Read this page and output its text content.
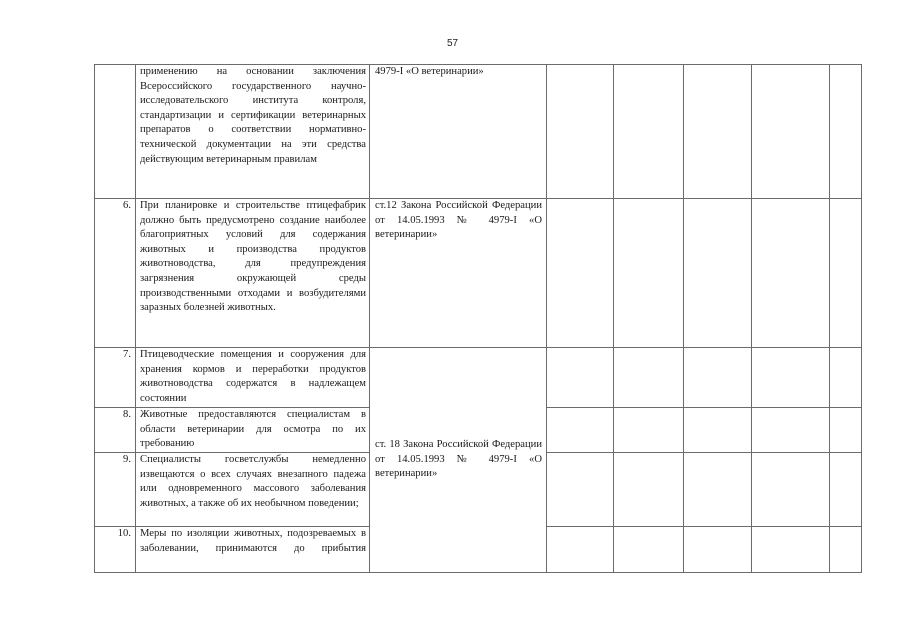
57

	применению на основании заключения Всероссийского государственного научно-исследовательского института контроля, стандартизации и сертификации ветеринарных препаратов о соответствии нормативно-технической документации на эти средства действующим ветеринарным правилам	4979-I «О ветеринарии»						
6.	При планировке и строительстве птицефабрик должно быть предусмотрено создание наиболее благоприятных условий для содержания животных и производства продуктов животноводства, для предупреждения загрязнения окружающей среды производственными отходами и возбудителями заразных болезней животных.	ст.12 Закона Российской Федерации от 14.05.1993 № 4979-I «О ветеринарии»						
7.	Птицеводческие помещения и сооружения для хранения кормов и переработки продуктов животноводства содержатся в надлежащем состоянии	ст. 18 Закона Российской Федерации от 14.05.1993 № 4979-I «О ветеринарии»						

8.	Животные предоставляются специалистам в области ветеринарии для осмотра по их требованию							

9.	Специалисты госветслужбы немедленно извещаются о всех случаях внезапного падежа или одновременного массового заболевания животных, а также об их необычном поведении;							

10.	Меры по изоляции животных, подозреваемых в заболевании, принимаются до прибытия							
